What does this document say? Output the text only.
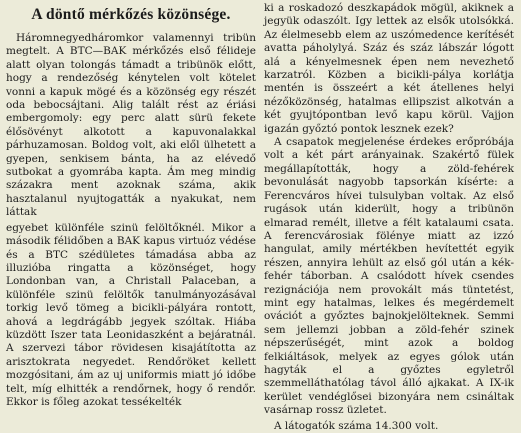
A döntő mérkőzés közönsége.

Háromnegyedháromkor valamennyi tribün megtelt. A BTC—BAK mérkőzés első félideje alatt olyan tolongás támadt a tribünök előtt, hogy a rendezőség kénytelen volt kötelet vonni a kapuk mögé és a közönség egy részét oda bebocsájtani. Alig talált rést az ériási embergomoly: egy perc alatt sürü fekete élősövényt alkotott a kapuvonalakkal párhuzamosan. Boldog volt, aki elől ülhetett a gyepen, senkisem bánta, ha az elévedő sutbokat a gyomrába kapta. Ám meg mindig százakra ment azoknak száma, akik hasztalanul nyujtogatták a nyakukat, nem láttak

egyebet különféle szinü felöltőknél. Mikor a második félidőben a BAK kapus virtuóz védése és a BTC szédületes támadása abba az illuzióba ringatta a közönséget, hogy Londonban van, a Christall Palaceban, a különféle szinü felöltők tanulmányozásával torkig levő tömeg a bicikli-pályára rontott, ahová a legdrágább jegyek szóltak. Hiába küzdött Iszer tata Leonidaszként a bejáratnál. A szervezi tábor rövidesen kisajátította az arisztokrata negyedet. Rendőröket kellett mozgósitani, ám az uj uniformis miatt jó időbe telt, míg elhitték a rendőrnek, hogy ő rendőr. Ekkor is főleg azokat tessékelték

ki a roskadozó deszkapádok mögül, akiknek a jegyük odaszólt. Igy lettek az elsők utolsókká. Az élelmesebb elem az uszómedence kerítését avatta páholylyá. Száz és száz lábszár lógott alá a kényelmesnek épen nem nevezhető karzatról. Közben a bicikli-pálya korlátja mentén is összeért a két átellenes helyi nézőközönség, hatalmas ellipszist alkotván a két gyujtópontban levő kapu körül. Vajjon igazán győztó pontok lesznek ezek?

A csapatok megjelenése érdekes erőpróbája volt a két párt arányainak. Szakértő fülek megállapították, hogy a zöld-fehérek bevonulását nagyobb tapsorkán kísérte: a Ferencváros hívei tulsulyban voltak. Az első rugások után kiderült, hogy a tribünön elmarad remélt, illetve a félt katalaumi csata. A ferencvárosiak fölénye miatt az izzó hangulat, amily mértékben hevítettét egyik részen, annyira lehült az első gól után a kék-fehér táborban. A csalódott hívek csendes rezignációja nem provokált más tüntetést, mint egy hatalmas, lelkes és megérdemelt ovációt a győztes bajnokjelölteknek. Semmi sem jellemzi jobban a zöld-fehér szinek népszerűségét, mint azok a boldog felkiáltások, melyek az egyes gólok után hagyták el a győztes egyletről szemmelláthatólag távol álló ajkakat. A IX-ik kerület vendéglősei bizonyára nem csináltak vasárnap rossz üzletet.

A látogatók száma 14.300 volt.
